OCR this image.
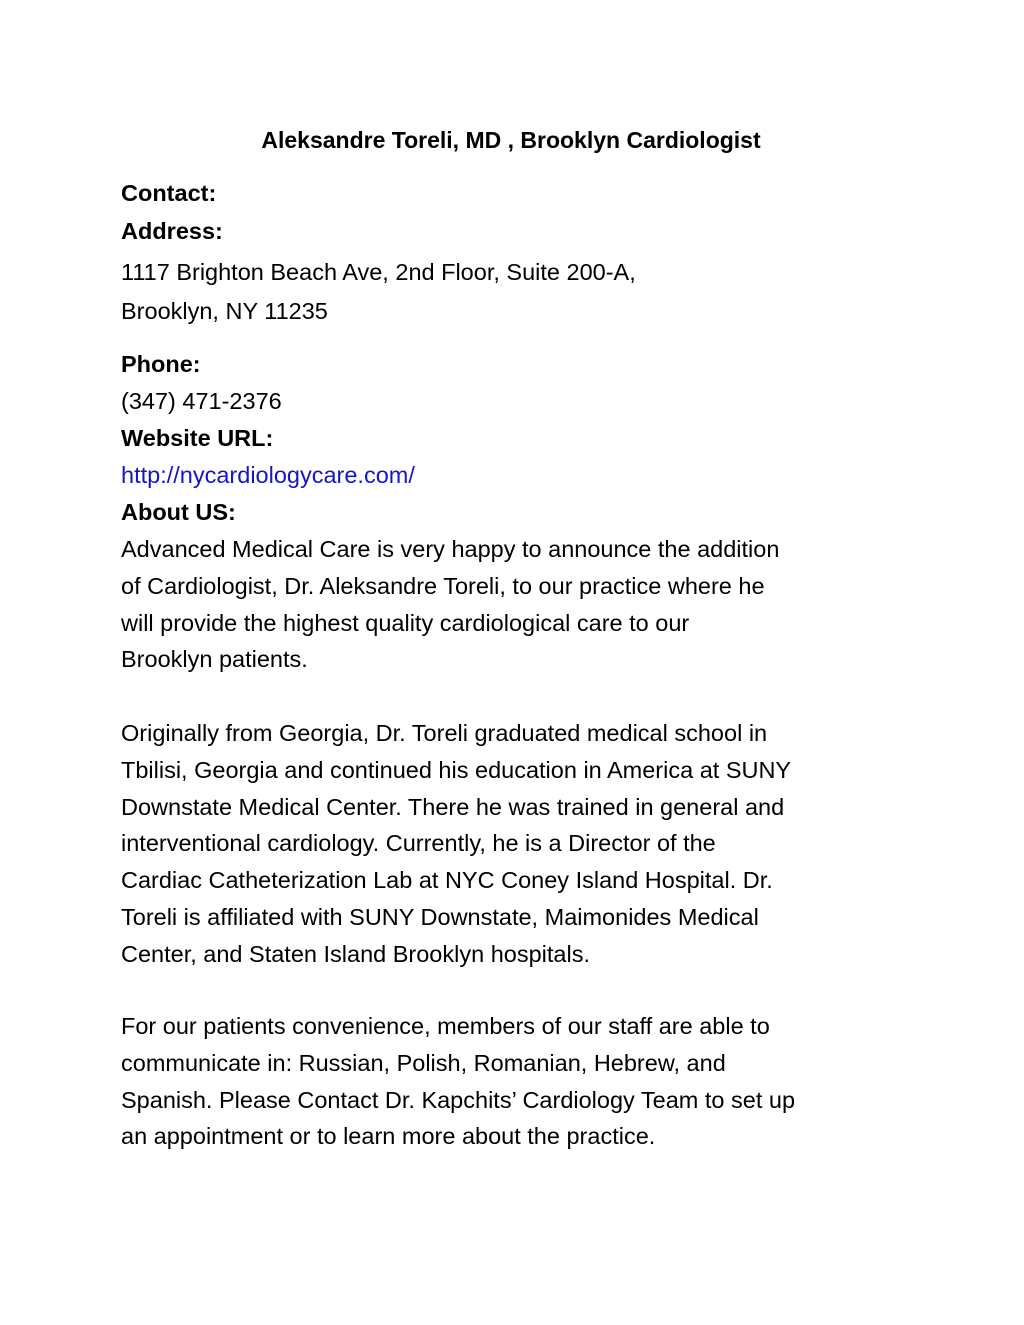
Aleksandre Toreli, MD , Brooklyn Cardiologist
Contact:
Address:
1117 Brighton Beach Ave, 2nd Floor, Suite 200-A,
Brooklyn, NY 11235
Phone:
(347) 471-2376
Website URL:
http://nycardiologycare.com/
About US:
Advanced Medical Care is very happy to announce the addition
of Cardiologist, Dr. Aleksandre Toreli, to our practice where he
will provide the highest quality cardiological care to our
Brooklyn patients.
Originally from Georgia, Dr. Toreli graduated medical school in
Tbilisi, Georgia and continued his education in America at SUNY
Downstate Medical Center. There he was trained in general and
interventional cardiology. Currently, he is a Director of the
Cardiac Catheterization Lab at NYC Coney Island Hospital. Dr.
Toreli is affiliated with SUNY Downstate, Maimonides Medical
Center, and Staten Island Brooklyn hospitals.
For our patients convenience, members of our staff are able to
communicate in: Russian, Polish, Romanian, Hebrew, and
Spanish. Please Contact Dr. Kapchits’ Cardiology Team to set up
an appointment or to learn more about the practice.
